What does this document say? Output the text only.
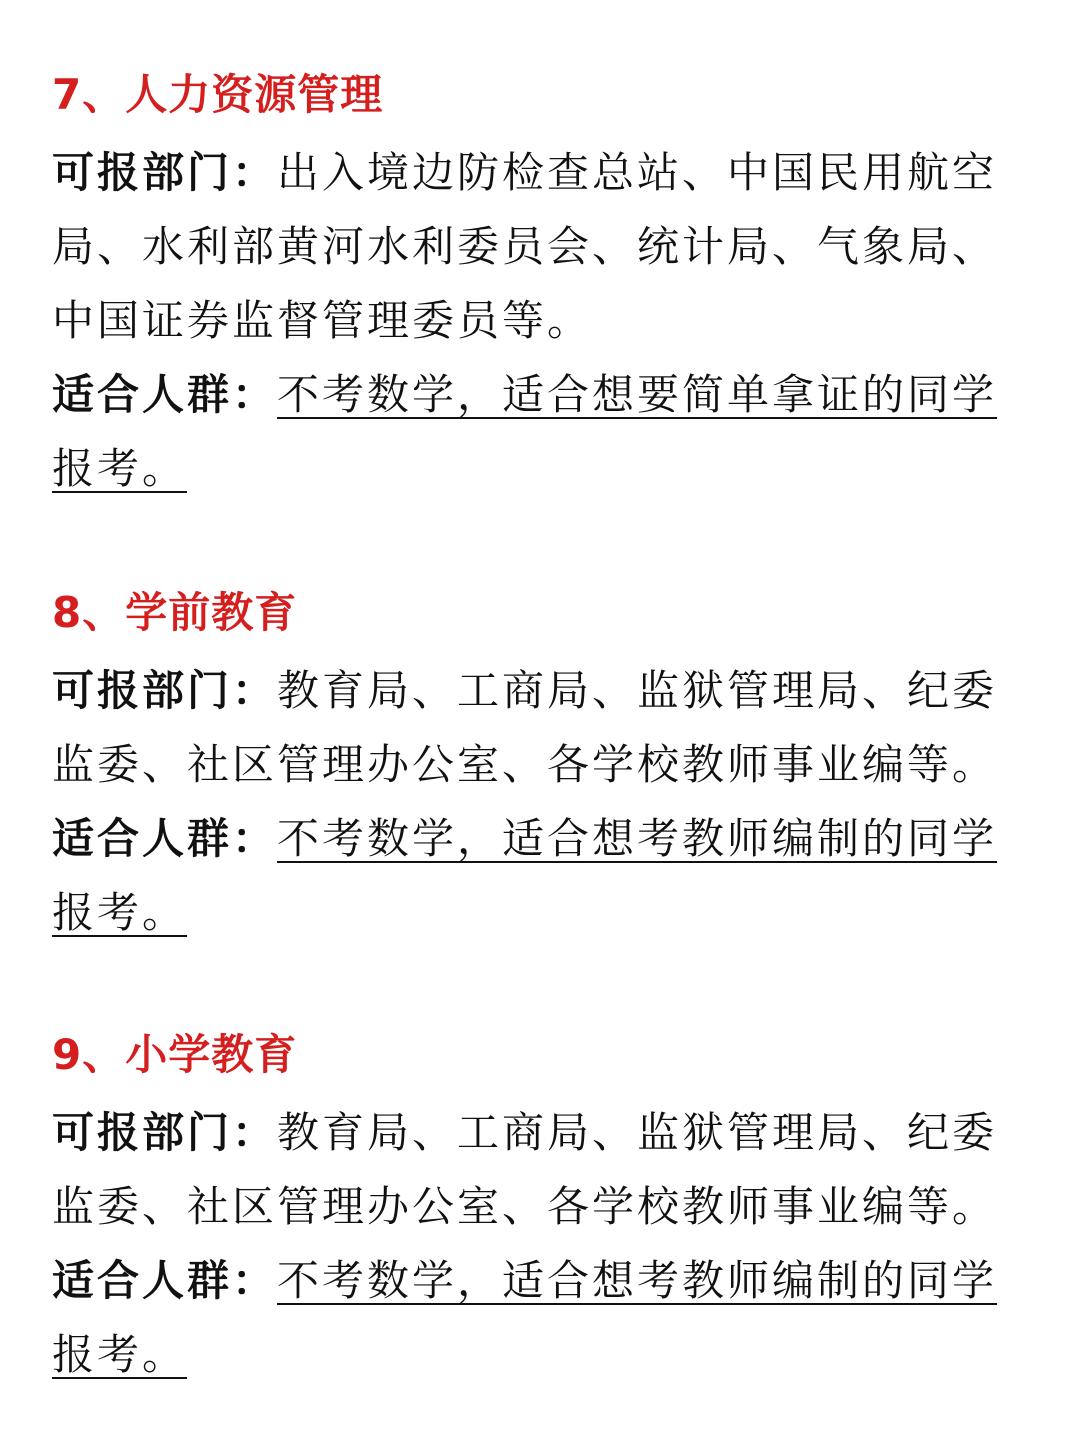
7、人力资源管理

可报部门：出入境边防检查总站、中国民用航空局、水利部黄河水利委员会、统计局、气象局、中国证券监督管理委员等。

适合人群：不考数学，适合想要简单拿证的同学报考。

8、学前教育

可报部门：教育局、工商局、监狱管理局、纪委监委、社区管理办公室、各学校教师事业编等。

适合人群：不考数学，适合想考教师编制的同学报考。

9、小学教育

可报部门：教育局、工商局、监狱管理局、纪委监委、社区管理办公室、各学校教师事业编等。

适合人群：不考数学，适合想考教师编制的同学报考。
